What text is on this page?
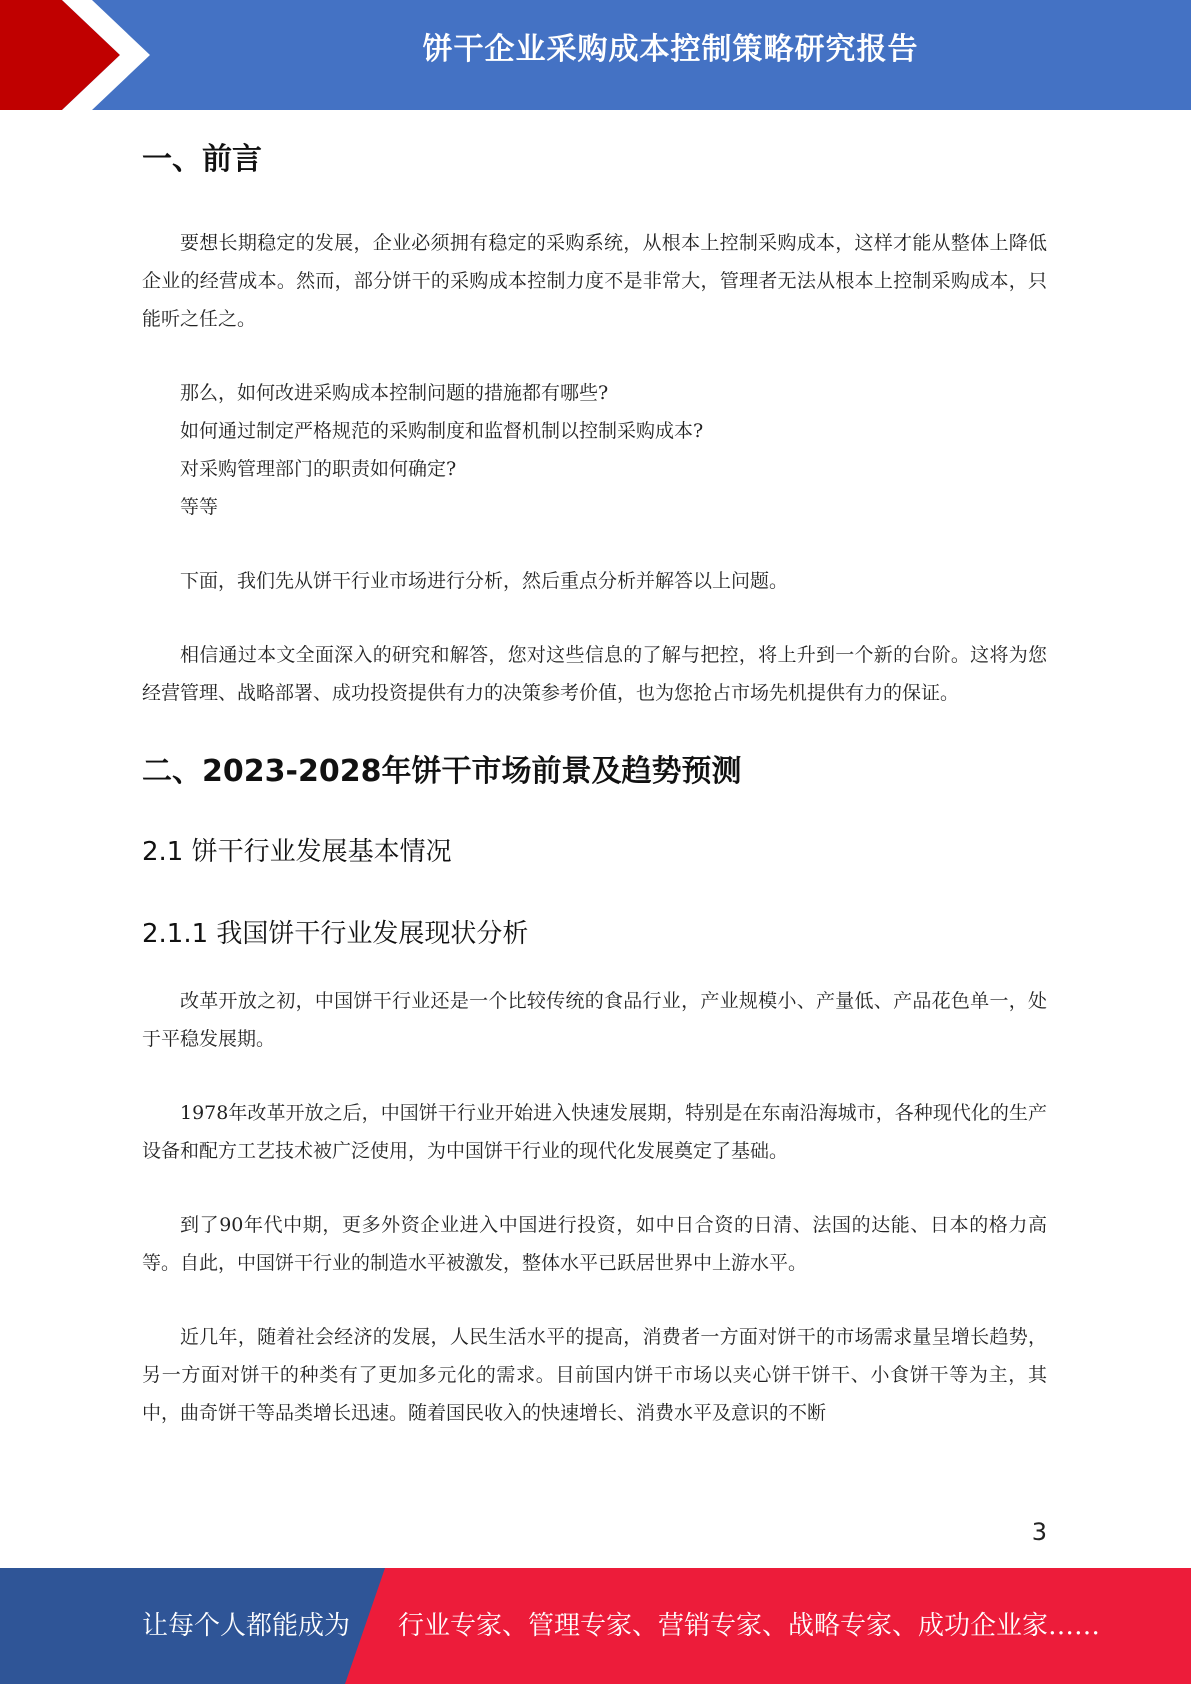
饼干企业采购成本控制策略研究报告
一、前言

要想长期稳定的发展，企业必须拥有稳定的采购系统，从根本上控制采购成本，这样才能从整体上降低企业的经营成本。然而，部分饼干的采购成本控制力度不是非常大，管理者无法从根本上控制采购成本，只能听之任之。

那么，如何改进采购成本控制问题的措施都有哪些?

如何通过制定严格规范的采购制度和监督机制以控制采购成本?

对采购管理部门的职责如何确定?

等等

下面，我们先从饼干行业市场进行分析，然后重点分析并解答以上问题。

相信通过本文全面深入的研究和解答，您对这些信息的了解与把控，将上升到一个新的台阶。这将为您经营管理、战略部署、成功投资提供有力的决策参考价值，也为您抢占市场先机提供有力的保证。

二、2023-2028年饼干市场前景及趋势预测
2.1 饼干行业发展基本情况
2.1.1 我国饼干行业发展现状分析

改革开放之初，中国饼干行业还是一个比较传统的食品行业，产业规模小、产量低、产品花色单一，处于平稳发展期。

1978年改革开放之后，中国饼干行业开始进入快速发展期，特别是在东南沿海城市，各种现代化的生产设备和配方工艺技术被广泛使用，为中国饼干行业的现代化发展奠定了基础。

到了90年代中期，更多外资企业进入中国进行投资，如中日合资的日清、法国的达能、日本的格力高等。自此，中国饼干行业的制造水平被激发，整体水平已跃居世界中上游水平。

近几年，随着社会经济的发展，人民生活水平的提高，消费者一方面对饼干的市场需求量呈增长趋势，另一方面对饼干的种类有了更加多元化的需求。目前国内饼干市场以夹心饼干饼干、小食饼干等为主，其中，曲奇饼干等品类增长迅速。随着国民收入的快速增长、消费水平及意识的不断

3
让每个人都能成为 行业专家、管理专家、营销专家、战略专家、成功企业家……
